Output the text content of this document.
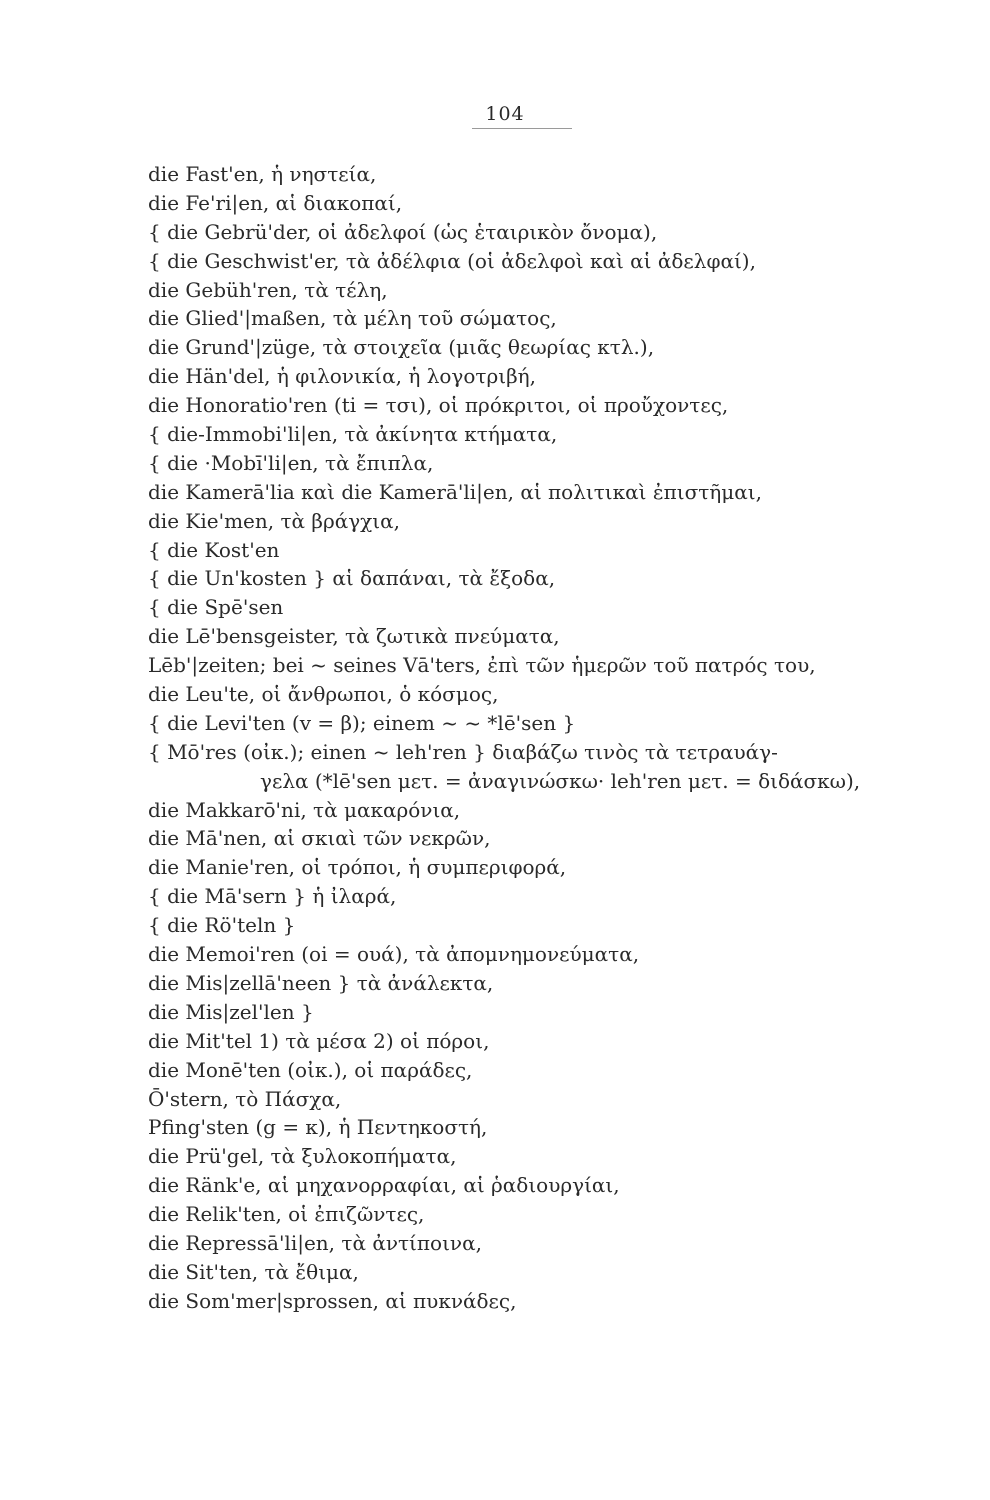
104
die Fast'en, ἡ νηστεία,
die Fe'ri|en, αἱ διακοπαί,
{ die Gebrü'der, οἱ ἀδελφοί (ὡς ἑταιρικὸν ὄνομα),
{ die Geschwist'er, τὰ ἀδέλφια (οἱ ἀδελφοὶ καὶ αἱ ἀδελφαί),
die Gebüh'ren, τὰ τέλη,
die Glied'|maßen, τὰ μέλη τοῦ σώματος,
die Grund'|züge, τὰ στοιχεῖα (μιᾶς θεωρίας κτλ.),
die Hän'del, ἡ φιλονικία, ἡ λογοτριβή,
die Honoratio'ren (ti = τσι), οἱ πρόκριτοι, οἱ προὔχοντες,
{ die-Immobi'li|en, τὰ ἀκίνητα κτήματα,
{ die ·Mobī'li|en, τὰ ἔπιπλα,
die Kamerā'lia καὶ die Kamerā'li|en, αἱ πολιτικαὶ ἐπιστῆμαι,
die Kie'men, τὰ βράγχια,
{ die Kost'en
{ die Un'kosten } αἱ δαπάναι, τὰ ἔξοδα,
{ die Spē'sen
die Lē'bensgeister, τὰ ζωτικὰ πνεύματα,
Lēb'|zeiten; bei ~ seines Vā'ters, ἐπὶ τῶν ἡμερῶν τοῦ πατρός του,
die Leu'te, οἱ ἄνθρωποι, ὁ κόσμος,
{ die Levi'ten (v = β); einem ~ ~ *lē'sen }
{ Mō'res (οἰκ.); einen ~ leh'ren } διαβάζω τινὸς τὰ τετραυάγ-
γελα (*lē'sen μετ. = ἀναγινώσκω· leh'ren μετ. = διδάσκω),
die Makkarō'ni, τὰ μακαρόνια,
die Mā'nen, αἱ σκιαὶ τῶν νεκρῶν,
die Manie'ren, οἱ τρόποι, ἡ συμπεριφορά,
{ die Mā'sern } ἡ ἰλαρά,
{ die Rö'teln }
die Memoi'ren (oi = ουά), τὰ ἀπομνημονεύματα,
die Mis|zellā'neen } τὰ ἀνάλεκτα,
die Mis|zel'len }
die Mit'tel 1) τὰ μέσα 2) οἱ πόροι,
die Monē'ten (οἰκ.), οἱ παράδες,
Ō'stern, τὸ Πάσχα,
Pfing'sten (g = κ), ἡ Πεντηκοστή,
die Prü'gel, τὰ ξυλοκοπήματα,
die Ränk'e, αἱ μηχανορραφίαι, αἱ ῥαδιουργίαι,
die Relik'ten, οἱ ἐπιζῶντες,
die Repressā'li|en, τὰ ἀντίποινα,
die Sit'ten, τὰ ἔθιμα,
die Som'mer|sprossen, αἱ πυκνάδες,
